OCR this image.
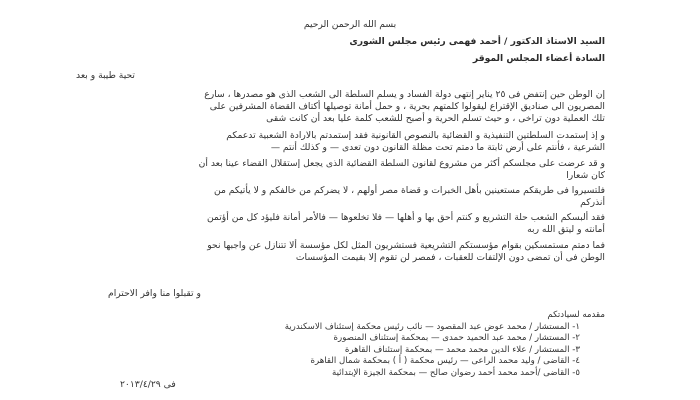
بسم الله الرحمن الرحيم
السيد الاستاذ الدكتور / أحمد فهمى رئيس مجلس الشورى
السادة أعضاء المجلس الموقر
تحية طيبة و بعد
إن الوطن حين إنتفض فى ٢٥ يناير إنتهى دولة الفساد و يسلم السلطة الى الشعب الذى هو مصدرها ، سارع
المصريون الى صناديق الإقتراع ليقولوا كلمتهم بحرية ، و حمل أمانة توصيلها أكتاف القضاة المشرفين على
تلك العملية دون تراخى ، و حيث تسلم الحرية و أصبح للشعب كلمة عليا بعد أن كانت شقى
و إذ إستمدت السلطتين التنفيذية و القضائية بالنصوص القانونية فقد إستمدتم بالارادة الشعبية تدعمكم
الشرعية ، فأنتم على أرض ثابتة ما دمتم تحت مظلة القانون دون تعدى — و كذلك أنتم —
و قد عرضت على مجلسكم أكثر من مشروع لقانون السلطة القضائية الذى يجعل إستقلال القضاء عينا بعد أن
كان شعارا
فلتسيروا فى طريقكم مستعينين بأهل الخبرات و قضاة مصر أولهم ، لا يضركم من خالفكم و لا يأتيكم من
أنذركم
فقد ألبسكم الشعب حلة التشريع و كنتم أحق بها و أهلها — فلا تخلعوها — فالأمر أمانة فليؤد كل من أؤتمن
أمانته و ليتق الله ربه
فما دمتم مستمسكين بقوام مؤسستكم التشريعية فستشريون المثل لكل مؤسسة ألا تتنازل عن واجبها نحو
الوطن فى أن تمضى دون الإلتفات للعقبات ، فمصر لن تقوم إلا بقيمت المؤسسات
و تقبلوا منا وافر الاحترام
مقدمه لسيادتكم
١- المستشار / محمد عوض عبد المقصود — نائب رئيس محكمة إستئناف الاسكندرية
٢- المستشار / محمد عبد الحميد حمدى — بمحكمة إستئناف المنصورة
٣- المستشار / علاء الدين محمد محمد — بمحكمة إستئناف القاهرة
٤- القاضى / وليد محمد الراعى — رئيس محكمة ( أ ) بمحكمة شمال القاهرة
٥- القاضى /أحمد محمد أحمد رضوان صالح — بمحكمة الجيزة الإبتدائية
فى ٢٠١٣/٤/٢٩
